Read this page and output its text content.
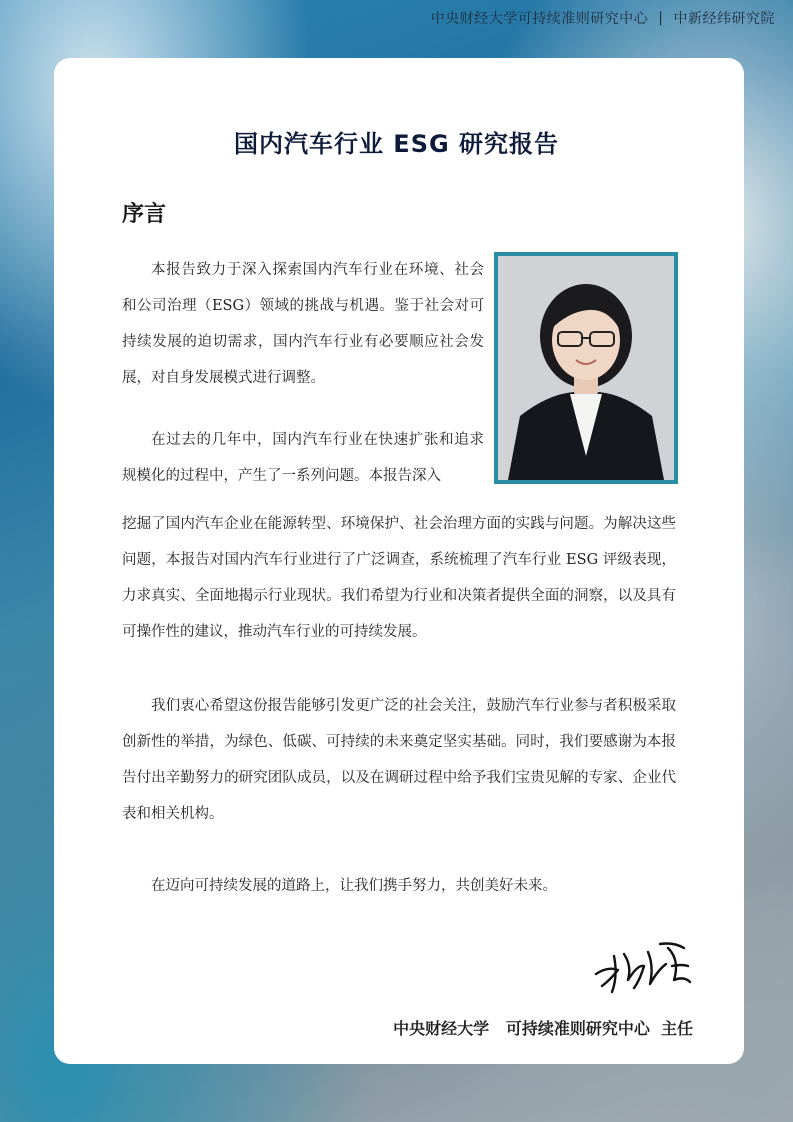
中央财经大学可持续准则研究中心 | 中新经纬研究院
国内汽车行业 ESG 研究报告
序言

本报告致力于深入探索国内汽车行业在环境、社会和公司治理（ESG）领域的挑战与机遇。鉴于社会对可持续发展的迫切需求，国内汽车行业有必要顺应社会发展，对自身发展模式进行调整。

在过去的几年中，国内汽车行业在快速扩张和追求规模化的过程中，产生了一系列问题。本报告深入

挖掘了国内汽车企业在能源转型、环境保护、社会治理方面的实践与问题。为解决这些问题，本报告对国内汽车行业进行了广泛调查，系统梳理了汽车行业 ESG 评级表现，力求真实、全面地揭示行业现状。我们希望为行业和决策者提供全面的洞察，以及具有可操作性的建议，推动汽车行业的可持续发展。

我们衷心希望这份报告能够引发更广泛的社会关注，鼓励汽车行业参与者积极采取创新性的举措，为绿色、低碳、可持续的未来奠定坚实基础。同时，我们要感谢为本报告付出辛勤努力的研究团队成员，以及在调研过程中给予我们宝贵见解的专家、企业代表和相关机构。

在迈向可持续发展的道路上，让我们携手努力，共创美好未来。

中央财经大学   可持续准则研究中心  主任
